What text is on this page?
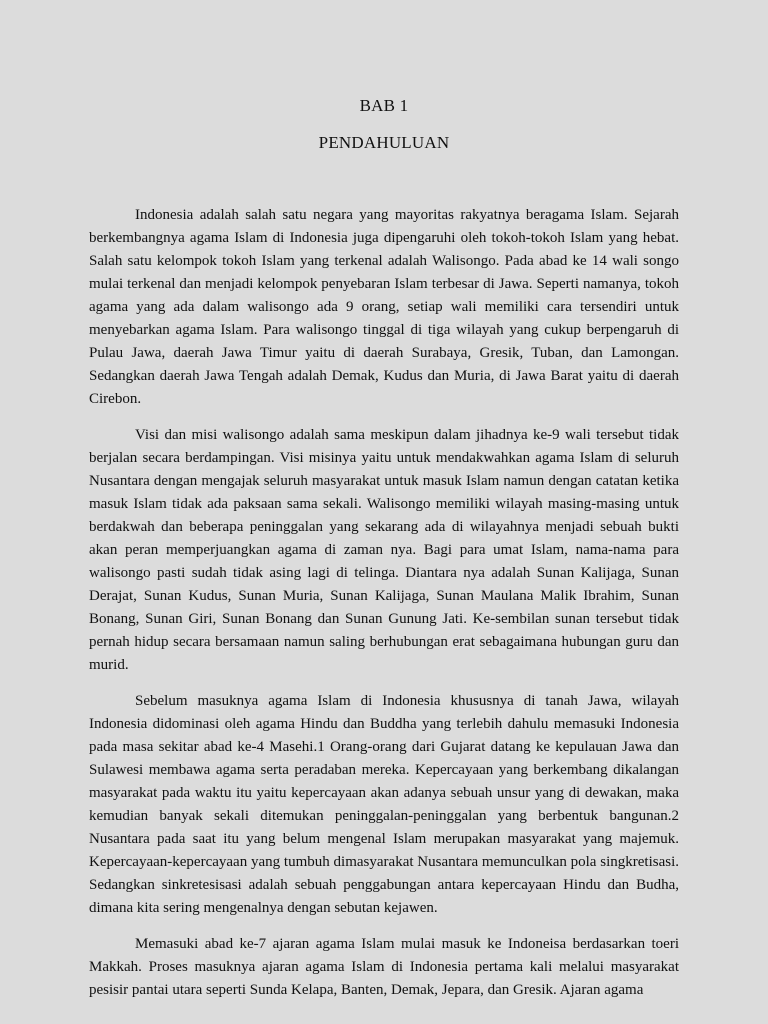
BAB 1
PENDAHULUAN

Indonesia adalah salah satu negara yang mayoritas rakyatnya beragama Islam. Sejarah berkembangnya agama Islam di Indonesia juga dipengaruhi oleh tokoh-tokoh Islam yang hebat. Salah satu kelompok tokoh Islam yang terkenal adalah Walisongo. Pada abad ke 14 wali songo mulai terkenal dan menjadi kelompok penyebaran Islam terbesar di Jawa. Seperti namanya, tokoh agama yang ada dalam walisongo ada 9 orang, setiap wali memiliki cara tersendiri untuk menyebarkan agama Islam. Para walisongo tinggal di tiga wilayah yang cukup berpengaruh di Pulau Jawa, daerah Jawa Timur yaitu di daerah Surabaya, Gresik, Tuban, dan Lamongan. Sedangkan daerah Jawa Tengah adalah Demak, Kudus dan Muria, di Jawa Barat yaitu di daerah Cirebon.

Visi dan misi walisongo adalah sama meskipun dalam jihadnya ke-9 wali tersebut tidak berjalan secara berdampingan. Visi misinya yaitu untuk mendakwahkan agama Islam di seluruh Nusantara dengan mengajak seluruh masyarakat untuk masuk Islam namun dengan catatan ketika masuk Islam tidak ada paksaan sama sekali. Walisongo memiliki wilayah masing-masing untuk berdakwah dan beberapa peninggalan yang sekarang ada di wilayahnya menjadi sebuah bukti akan peran memperjuangkan agama di zaman nya. Bagi para umat Islam, nama-nama para walisongo pasti sudah tidak asing lagi di telinga. Diantara nya adalah Sunan Kalijaga, Sunan Derajat, Sunan Kudus, Sunan Muria, Sunan Kalijaga, Sunan Maulana Malik Ibrahim, Sunan Bonang, Sunan Giri, Sunan Bonang dan Sunan Gunung Jati. Ke-sembilan sunan tersebut tidak pernah hidup secara bersamaan namun saling berhubungan erat sebagaimana hubungan guru dan murid.

Sebelum masuknya agama Islam di Indonesia khususnya di tanah Jawa, wilayah Indonesia didominasi oleh agama Hindu dan Buddha yang terlebih dahulu memasuki Indonesia pada masa sekitar abad ke-4 Masehi.1 Orang-orang dari Gujarat datang ke kepulauan Jawa dan Sulawesi membawa agama serta peradaban mereka. Kepercayaan yang berkembang dikalangan masyarakat pada waktu itu yaitu kepercayaan akan adanya sebuah unsur yang di dewakan, maka kemudian banyak sekali ditemukan peninggalan-peninggalan yang berbentuk bangunan.2 Nusantara pada saat itu yang belum mengenal Islam merupakan masyarakat yang majemuk. Kepercayaan-kepercayaan yang tumbuh dimasyarakat Nusantara memunculkan pola singkretisasi. Sedangkan sinkretesisasi adalah sebuah penggabungan antara kepercayaan Hindu dan Budha, dimana kita sering mengenalnya dengan sebutan kejawen.

Memasuki abad ke-7 ajaran agama Islam mulai masuk ke Indoneisa berdasarkan toeri Makkah. Proses masuknya ajaran agama Islam di Indonesia pertama kali melalui masyarakat pesisir pantai utara seperti Sunda Kelapa, Banten, Demak, Jepara, dan Gresik. Ajaran agama
